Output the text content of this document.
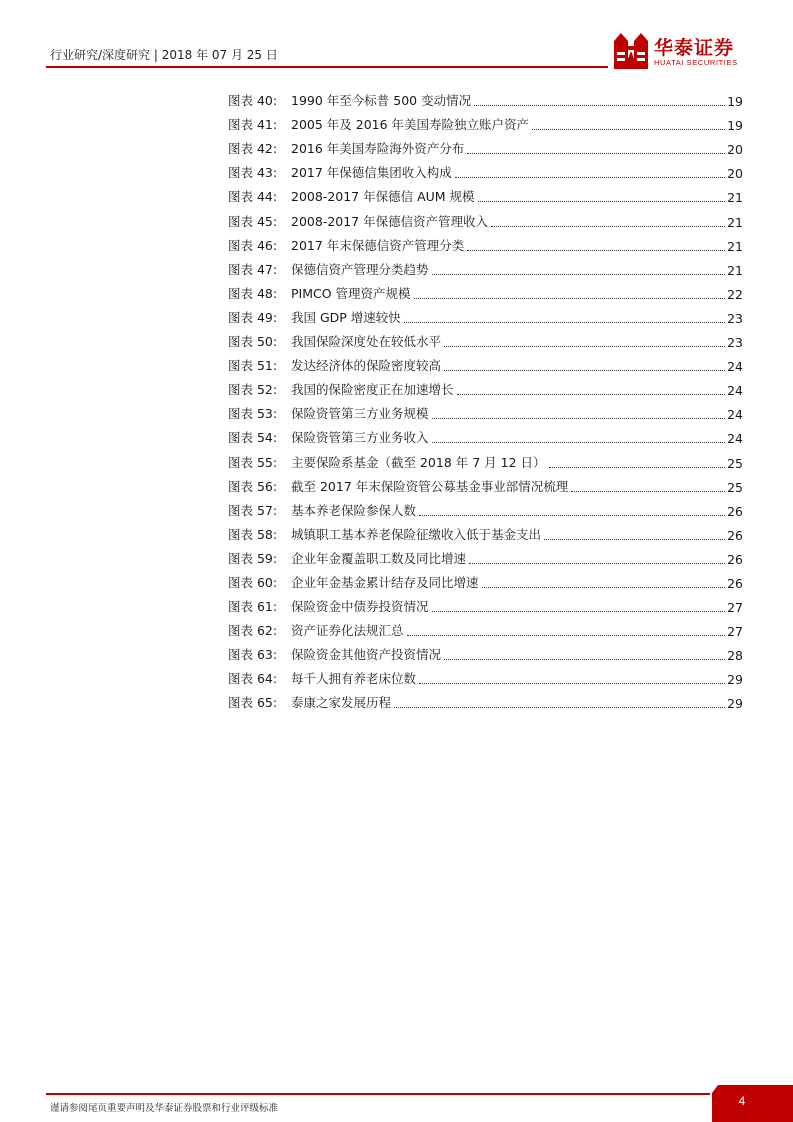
行业研究/深度研究 | 2018 年 07 月 25 日	华泰证券
HUATAI SECURITIES
图表 40:	1990 年至今标普 500 变动情况	19
图表 41:	2005 年及 2016 年美国寿险独立账户资产	19
图表 42:	2016 年美国寿险海外资产分布	20
图表 43:	2017 年保德信集团收入构成	20
图表 44:	2008-2017 年保德信 AUM 规模	21
图表 45:	2008-2017 年保德信资产管理收入	21
图表 46:	2017 年末保德信资产管理分类	21
图表 47:	保德信资产管理分类趋势	21
图表 48:	PIMCO 管理资产规模	22
图表 49:	我国 GDP 增速较快	23
图表 50:	我国保险深度处在较低水平	23
图表 51:	发达经济体的保险密度较高	24
图表 52:	我国的保险密度正在加速增长	24
图表 53:	保险资管第三方业务规模	24
图表 54:	保险资管第三方业务收入	24
图表 55:	主要保险系基金（截至 2018 年 7 月 12 日）	25
图表 56:	截至 2017 年末保险资管公募基金事业部情况梳理	25
图表 57:	基本养老保险参保人数	26
图表 58:	城镇职工基本养老保险征缴收入低于基金支出	26
图表 59:	企业年金覆盖职工数及同比增速	26
图表 60:	企业年金基金累计结存及同比增速	26
图表 61:	保险资金中债券投资情况	27
图表 62:	资产证券化法规汇总	27
图表 63:	保险资金其他资产投资情况	28
图表 64:	每千人拥有养老床位数	29
图表 65:	泰康之家发展历程	29
谨请参阅尾页重要声明及华泰证券股票和行业评级标准
4
